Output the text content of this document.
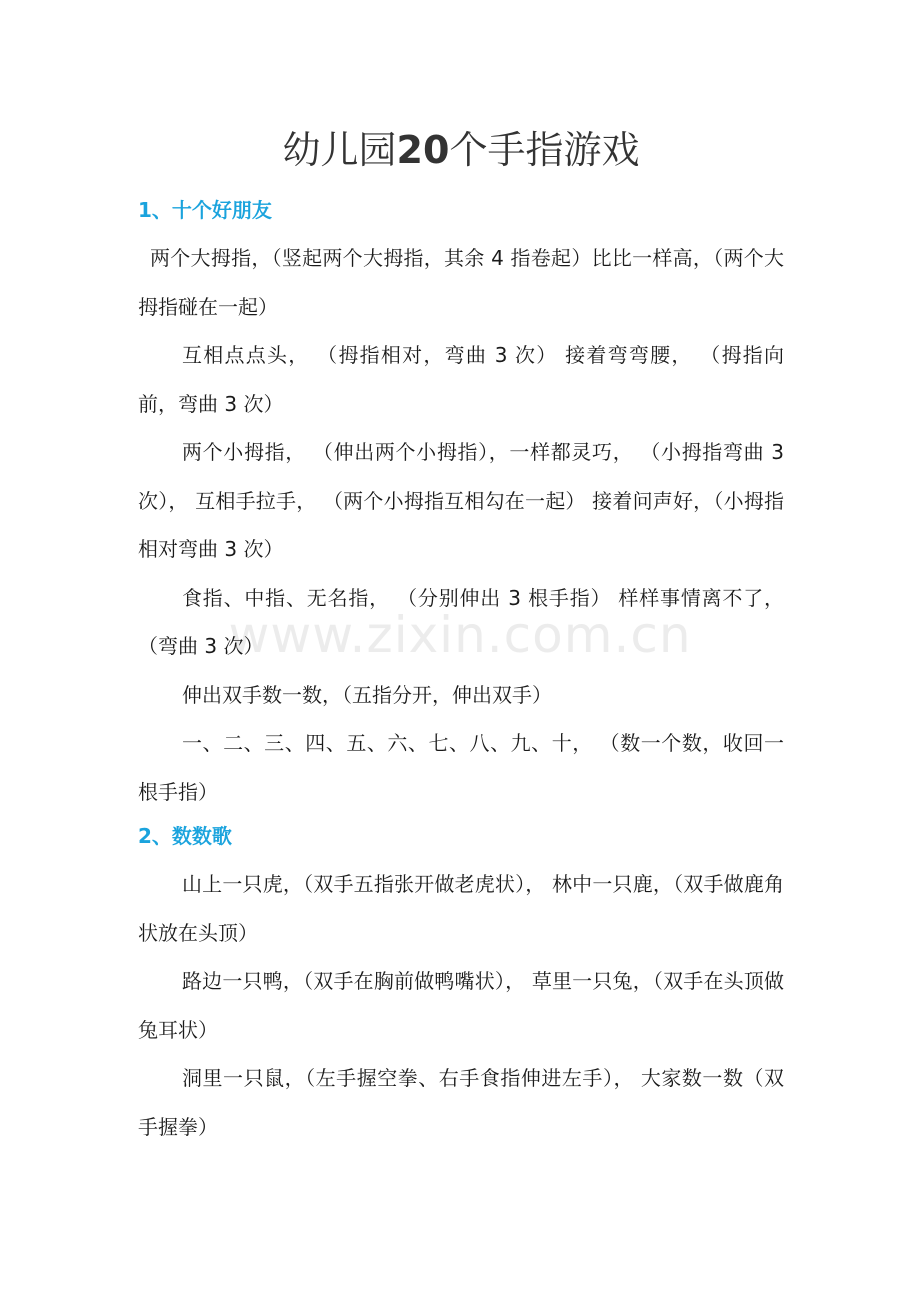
www.zixin.com.cn
幼儿园20个手指游戏
1、十个好朋友

两个大拇指，（竖起两个大拇指，其余 4 指卷起）比比一样高，（两个大拇指碰在一起）

互相点点头， （拇指相对，弯曲 3 次） 接着弯弯腰， （拇指向前，弯曲 3 次）

两个小拇指， （伸出两个小拇指），一样都灵巧， （小拇指弯曲 3 次）， 互相手拉手， （两个小拇指互相勾在一起） 接着问声好，（小拇指相对弯曲 3 次）

食指、中指、无名指， （分别伸出 3 根手指） 样样事情离不了，（弯曲 3 次）

伸出双手数一数，（五指分开，伸出双手）

一、二、三、四、五、六、七、八、九、十， （数一个数，收回一根手指）

2、数数歌

山上一只虎，（双手五指张开做老虎状）， 林中一只鹿，（双手做鹿角状放在头顶）

路边一只鸭，（双手在胸前做鸭嘴状）， 草里一只兔，（双手在头顶做兔耳状）

洞里一只鼠，（左手握空拳、右手食指伸进左手）， 大家数一数（双手握拳）
